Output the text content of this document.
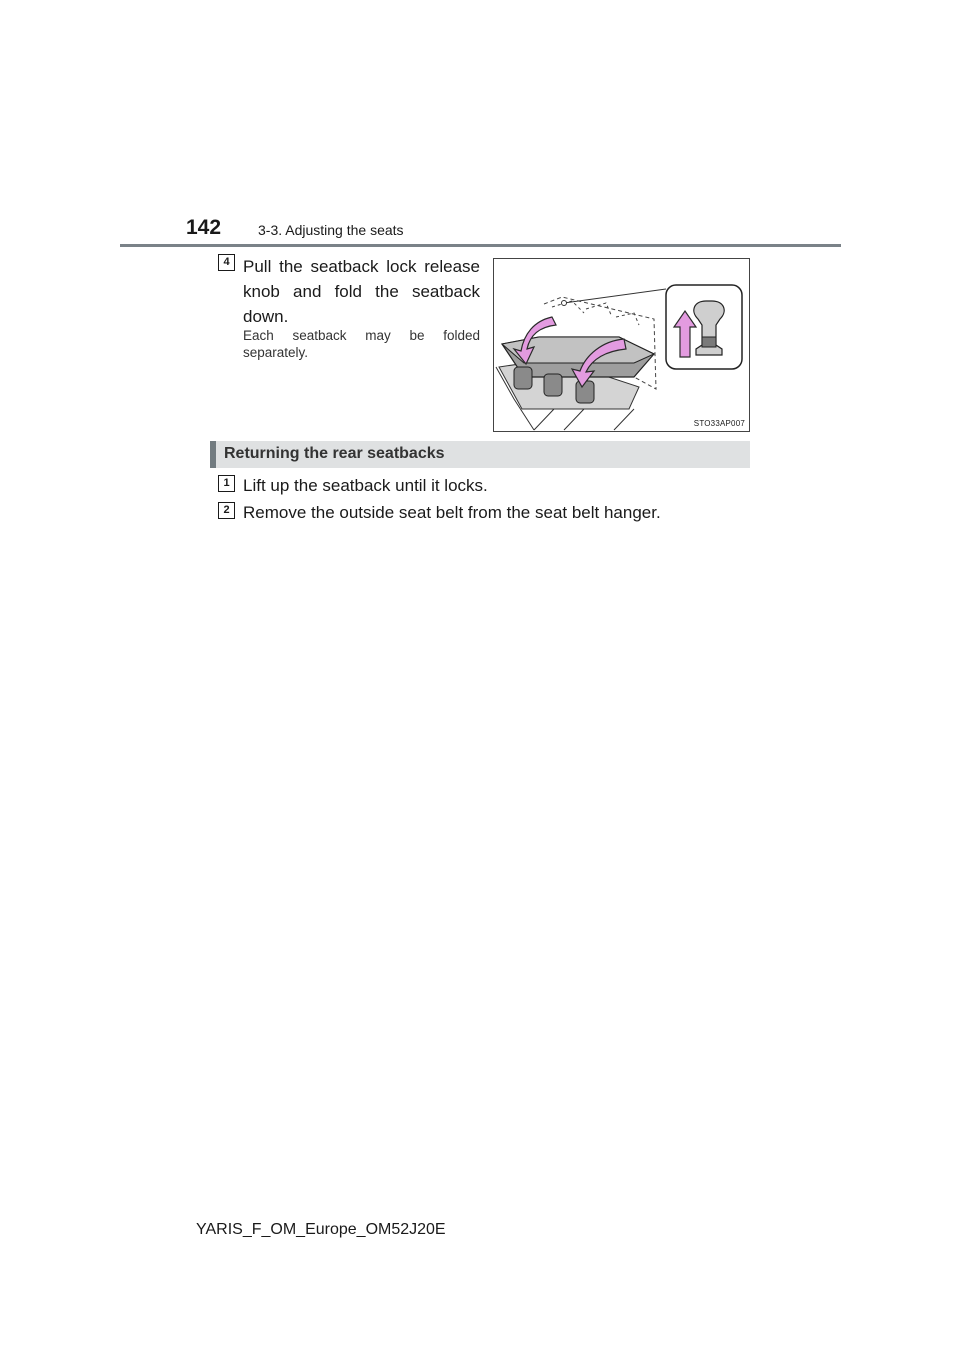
142	3-3. Adjusting the seats
4 Pull the seatback lock release knob and fold the seatback down.
Each seatback may be folded separately.
STO33AP007
Returning the rear seatbacks
1 Lift up the seatback until it locks.
2 Remove the outside seat belt from the seat belt hanger.
YARIS_F_OM_Europe_OM52J20E
